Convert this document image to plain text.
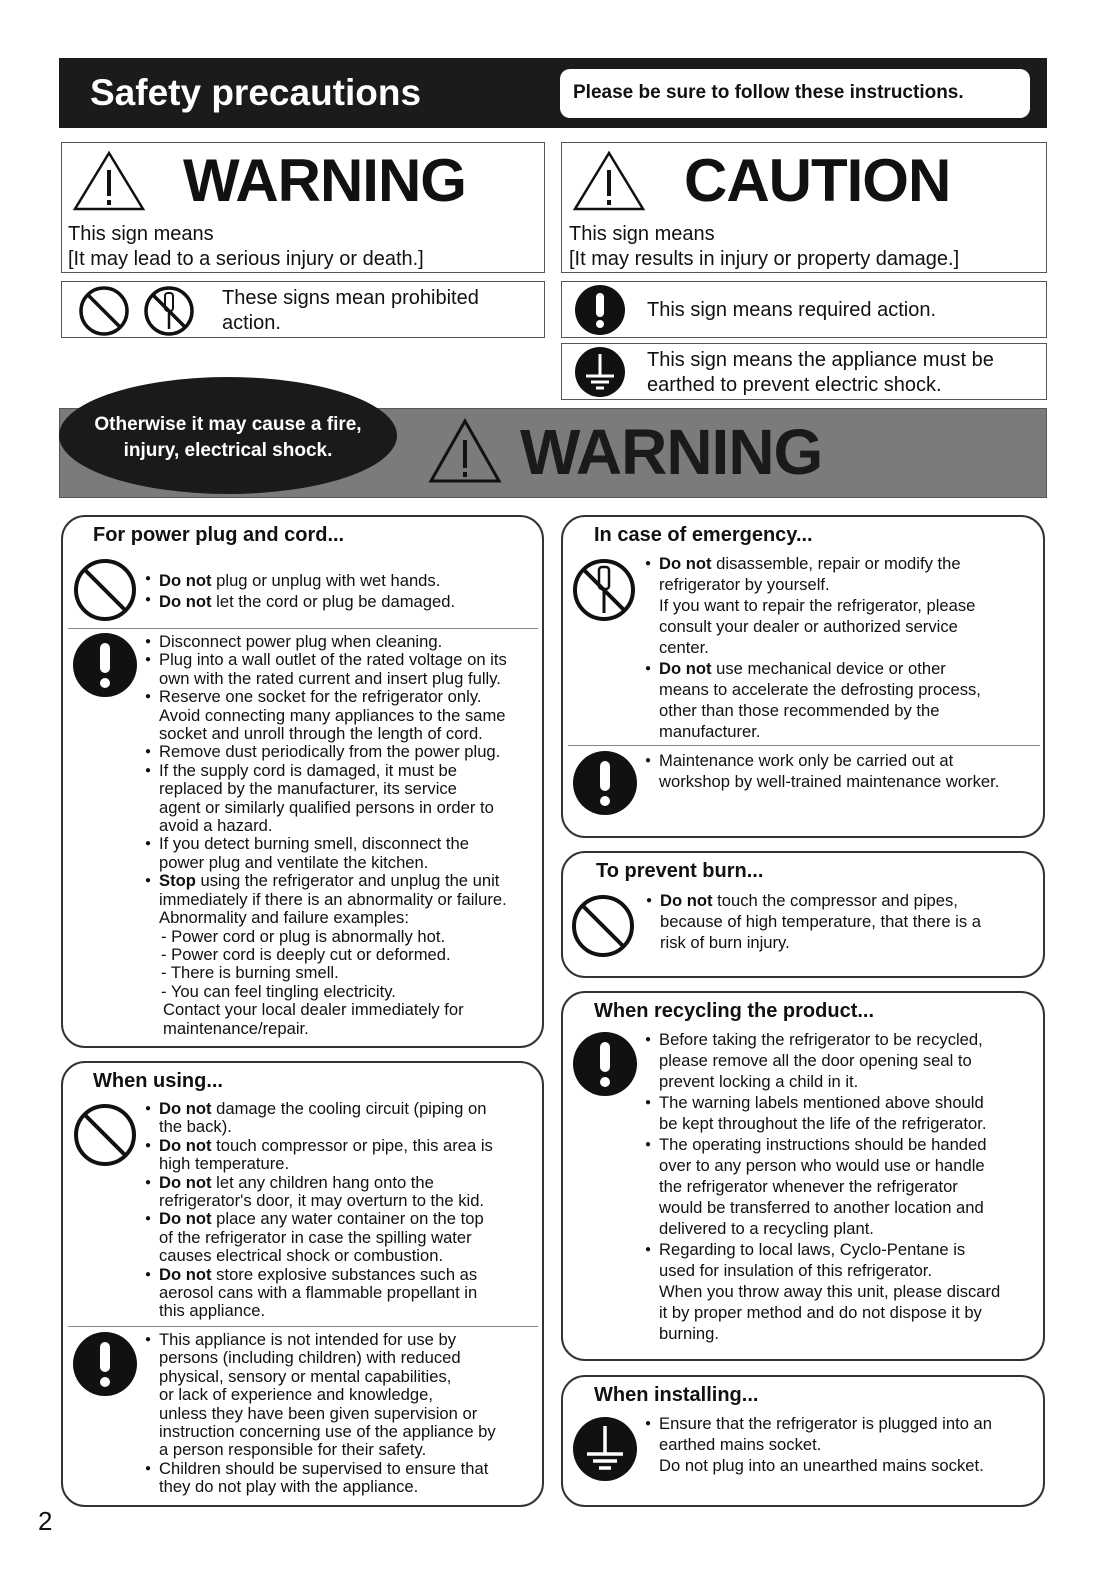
Safety precautions	Please be sure to follow these instructions.
WARNING
This sign means
[It may lead to a serious injury or death.]
CAUTION
This sign means
[It may results in injury or property damage.]
These signs mean prohibited
action.
This sign means required action.
This sign means the appliance must be
earthed to prevent electric shock.
Otherwise it may cause a fire,
injury, electrical shock.	WARNING
For power plug and cord...
● Do not plug or unplug with wet hands.
● Do not let the cord or plug be damaged.
● Disconnect power plug when cleaning.
● Plug into a wall outlet of the rated voltage on its
own with the rated current and insert plug fully.
● Reserve one socket for the refrigerator only.
Avoid connecting many appliances to the same
socket and unroll through the length of cord.
● Remove dust periodically from the power plug.
● If the supply cord is damaged, it must be
replaced by the manufacturer, its service
agent or similarly qualified persons in order to
avoid a hazard.
● If you detect burning smell, disconnect the
power plug and ventilate the kitchen.
● Stop using the refrigerator and unplug the unit
immediately if there is an abnormality or failure.
Abnormality and failure examples:
- Power cord or plug is abnormally hot.
- Power cord is deeply cut or deformed.
- There is burning smell.
- You can feel tingling electricity.
Contact your local dealer immediately for
maintenance/repair.
When using...
● Do not damage the cooling circuit (piping on
the back).
● Do not touch compressor or pipe, this area is
high temperature.
● Do not let any children hang onto the
refrigerator's door, it may overturn to the kid.
● Do not place any water container on the top
of the refrigerator in case the spilling water
causes electrical shock or combustion.
● Do not store explosive substances such as
aerosol cans with a flammable propellant in
this appliance.
● This appliance is not intended for use by
persons (including children) with reduced
physical, sensory or mental capabilities,
or lack of experience and knowledge,
unless they have been given supervision or
instruction concerning use of the appliance by
a person responsible for their safety.
● Children should be supervised to ensure that
they do not play with the appliance.
In case of emergency...
● Do not disassemble, repair or modify the
refrigerator by yourself.
If you want to repair the refrigerator, please
consult your dealer or authorized service
center.
● Do not use mechanical device or other
means to accelerate the defrosting process,
other than those recommended by the
manufacturer.
● Maintenance work only be carried out at
workshop by well-trained maintenance worker.
To prevent burn...
● Do not touch the compressor and pipes,
because of high temperature, that there is a
risk of burn injury.
When recycling the product...
● Before taking the refrigerator to be recycled,
please remove all the door opening seal to
prevent locking a child in it.
● The warning labels mentioned above should
be kept throughout the life of the refrigerator.
● The operating instructions should be handed
over to any person who would use or handle
the refrigerator whenever the refrigerator
would be transferred to another location and
delivered to a recycling plant.
● Regarding to local laws, Cyclo-Pentane is
used for insulation of this refrigerator.
When you throw away this unit, please discard
it by proper method and do not dispose it by
burning.
When installing...
● Ensure that the refrigerator is plugged into an
earthed mains socket.
Do not plug into an unearthed mains socket.
2
